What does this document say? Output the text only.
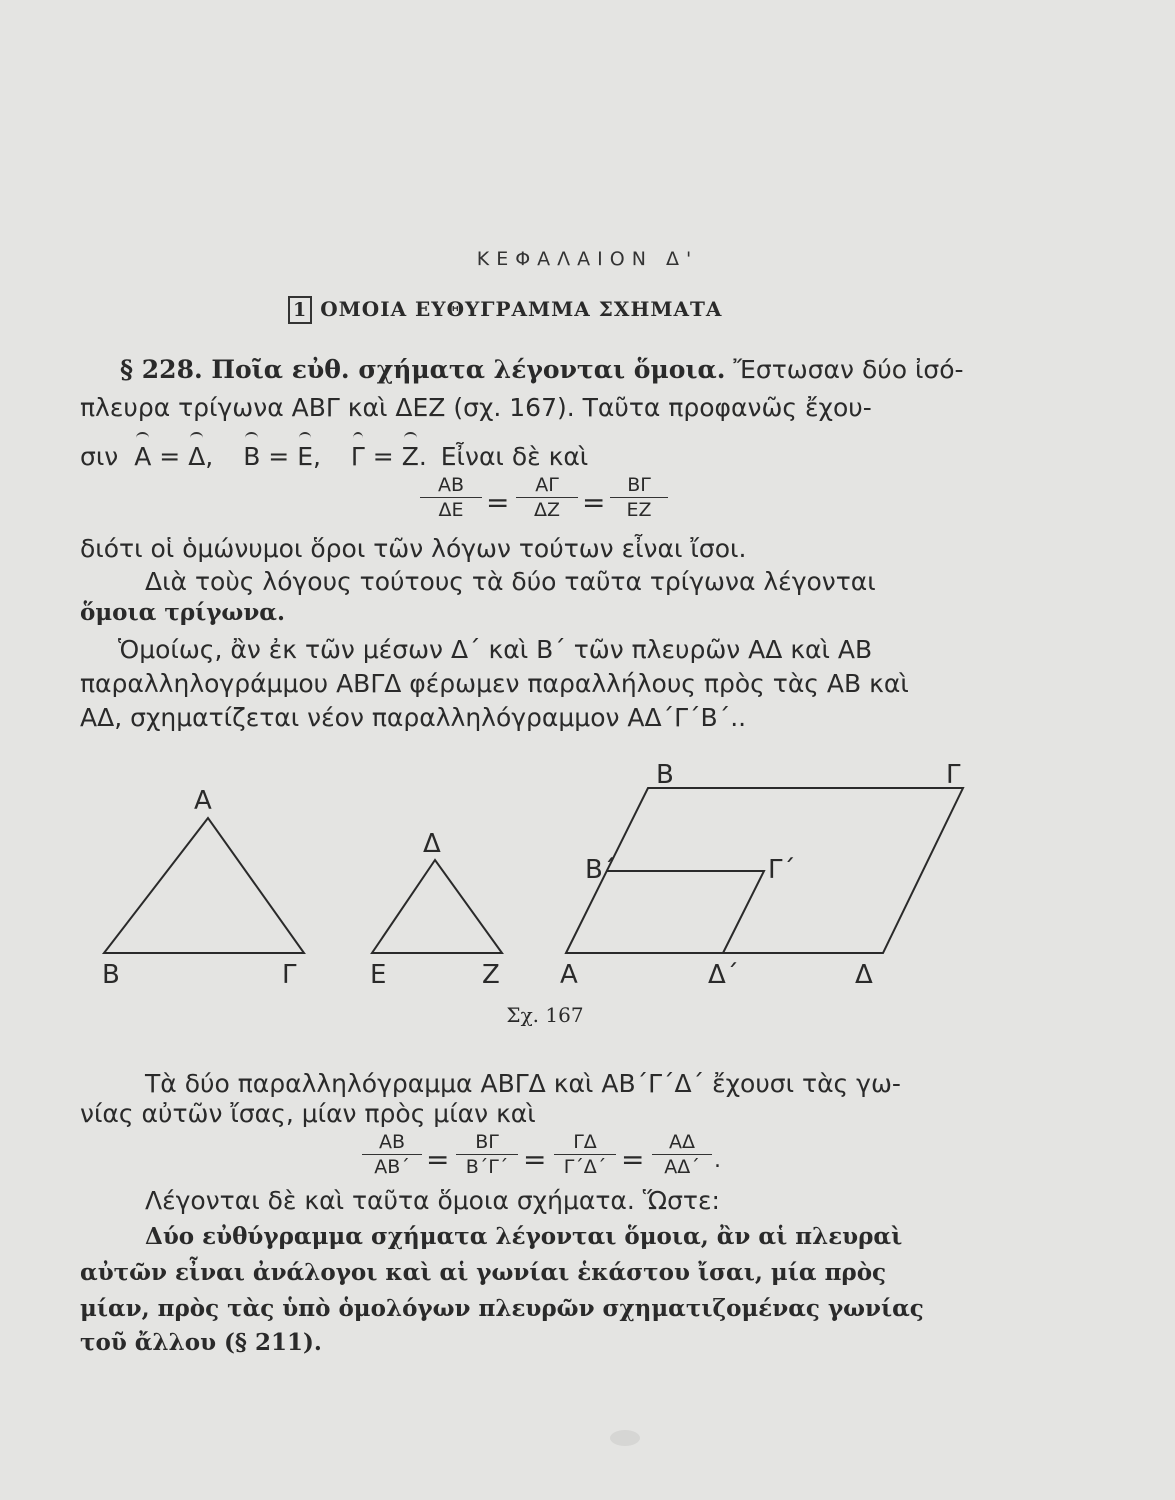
ΚΕΦΑΛΑΙΟΝ Δ'
1 ΟΜΟΙΑ ΕΥΘΥΓΡΑΜΜΑ ΣΧΗΜΑΤΑ
§ 228. Ποῖα εὐθ. σχήματα λέγονται ὅμοια. Ἔστωσαν δύο ἰσό-
πλευρα τρίγωνα ΑΒΓ καὶ ΔΕΖ (σχ. 167). Ταῦτα προφανῶς ἔχου-
σιν Α = Δ, Β = Ε, Γ = Ζ. Εἶναι δὲ καὶ
$\frac{AB}{\Delta E} = \frac{A\Gamma}{\Delta Z} = \frac{B\Gamma}{EZ}$
διότι οἱ ὁμώνυμοι ὅροι τῶν λόγων τούτων εἶναι ἴσοι.
Διὰ τοὺς λόγους τούτους τὰ δύο ταῦτα τρίγωνα λέγονται
ὅμοια τρίγωνα.
Ὁμοίως, ἂν ἐκ τῶν μέσων Δ΄ καὶ Β΄ τῶν πλευρῶν ΑΔ καὶ ΑΒ
παραλληλογράμμου ΑΒΓΔ φέρωμεν παραλλήλους πρὸς τὰς ΑΒ καὶ
ΑΔ, σχηματίζεται νέον παραλληλόγραμμον ΑΔ΄Γ΄Β΄..
Α
Β	Γ
Δ
Ε	Ζ
Β	Γ
Β΄	Γ΄
Α	Δ΄	Δ
Σχ. 167
Τὰ δύο παραλληλόγραμμα ΑΒΓΔ καὶ ΑΒ΄Γ΄Δ΄ ἔχουσι τὰς γω-
νίας αὐτῶν ἴσας, μίαν πρὸς μίαν καὶ
$\frac{AB}{AB΄} = \frac{B\Gamma}{B΄\Gamma΄} = \frac{\Gamma\Delta}{\Gamma΄\Delta΄} = \frac{A\Delta}{A\Delta΄}$ .
Λέγονται δὲ καὶ ταῦτα ὅμοια σχήματα. Ὥστε:
Δύο εὐθύγραμμα σχήματα λέγονται ὅμοια, ἂν αἱ πλευραὶ
αὐτῶν εἶναι ἀνάλογοι καὶ αἱ γωνίαι ἑκάστου ἴσαι, μία πρὸς
μίαν, πρὸς τὰς ὑπὸ ὁμολόγων πλευρῶν σχηματιζομένας γωνίας
τοῦ ἄλλου (§ 211).
